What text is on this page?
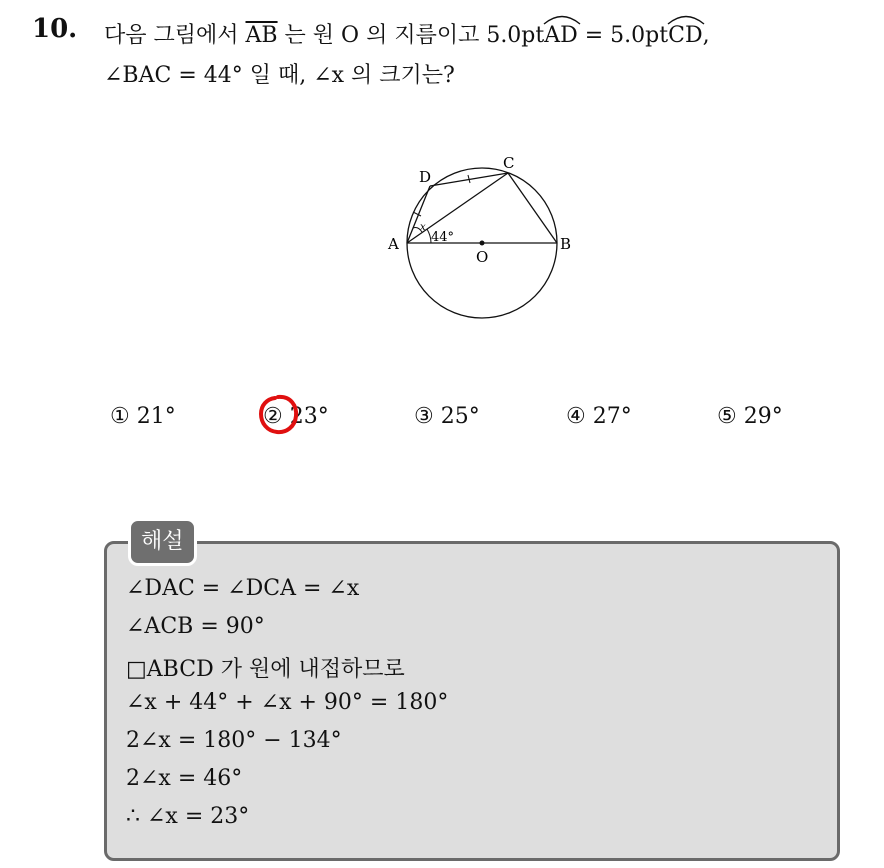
10. 다음 그림에서 $\overline{AB}$ 는 원 O 의 지름이고 5.0pt
AD = 5.0pt
CD,
∠BAC = 44° 일 때, ∠x 의 크기는?
A	B
C
D
O
x
44°
① 21°	② 23°	③ 25°	④ 27°	⑤ 29°
해설
∠DAC = ∠DCA = ∠x
∠ACB = 90°
□ABCD 가 원에 내접하므로
∠x + 44° + ∠x + 90° = 180°
2∠x = 180° − 134°
2∠x = 46°
∴ ∠x = 23°
